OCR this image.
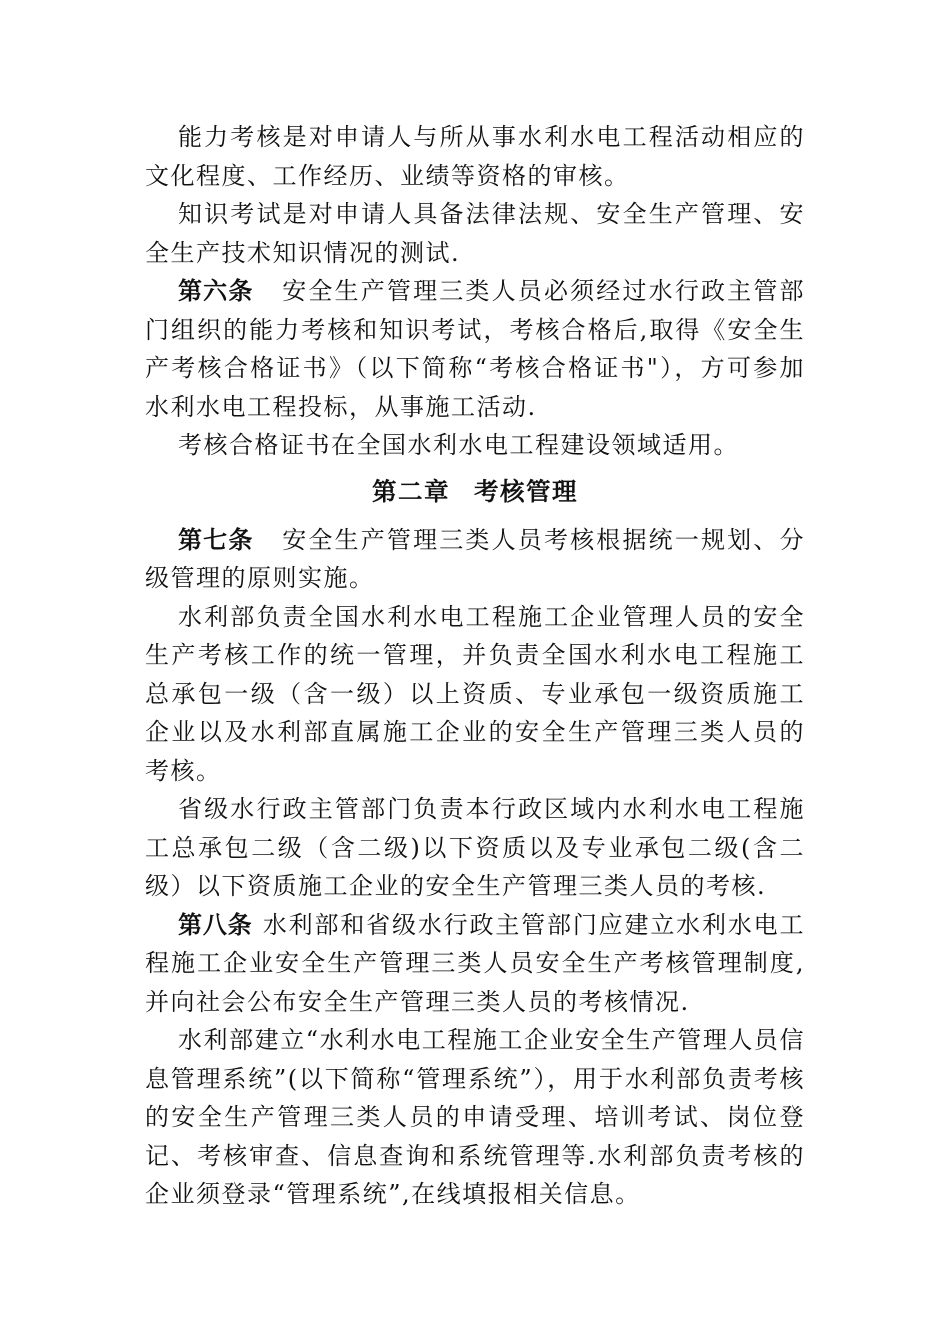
能力考核是对申请人与所从事水利水电工程活动相应的文化程度、工作经历、业绩等资格的审核。

知识考试是对申请人具备法律法规、安全生产管理、安全生产技术知识情况的测试.

第六条 安全生产管理三类人员必须经过水行政主管部门组织的能力考核和知识考试，考核合格后,取得《安全生产考核合格证书》（以下简称“考核合格证书"），方可参加水利水电工程投标，从事施工活动.

考核合格证书在全国水利水电工程建设领域适用。

第二章 考核管理

第七条 安全生产管理三类人员考核根据统一规划、分级管理的原则实施。

水利部负责全国水利水电工程施工企业管理人员的安全生产考核工作的统一管理，并负责全国水利水电工程施工总承包一级（含一级）以上资质、专业承包一级资质施工企业以及水利部直属施工企业的安全生产管理三类人员的考核。

省级水行政主管部门负责本行政区域内水利水电工程施工总承包二级（含二级)以下资质以及专业承包二级(含二级）以下资质施工企业的安全生产管理三类人员的考核.

第八条 水利部和省级水行政主管部门应建立水利水电工程施工企业安全生产管理三类人员安全生产考核管理制度,并向社会公布安全生产管理三类人员的考核情况.

水利部建立“水利水电工程施工企业安全生产管理人员信息管理系统”(以下简称“管理系统”），用于水利部负责考核的安全生产管理三类人员的申请受理、培训考试、岗位登记、考核审查、信息查询和系统管理等.水利部负责考核的企业须登录“管理系统”,在线填报相关信息。
